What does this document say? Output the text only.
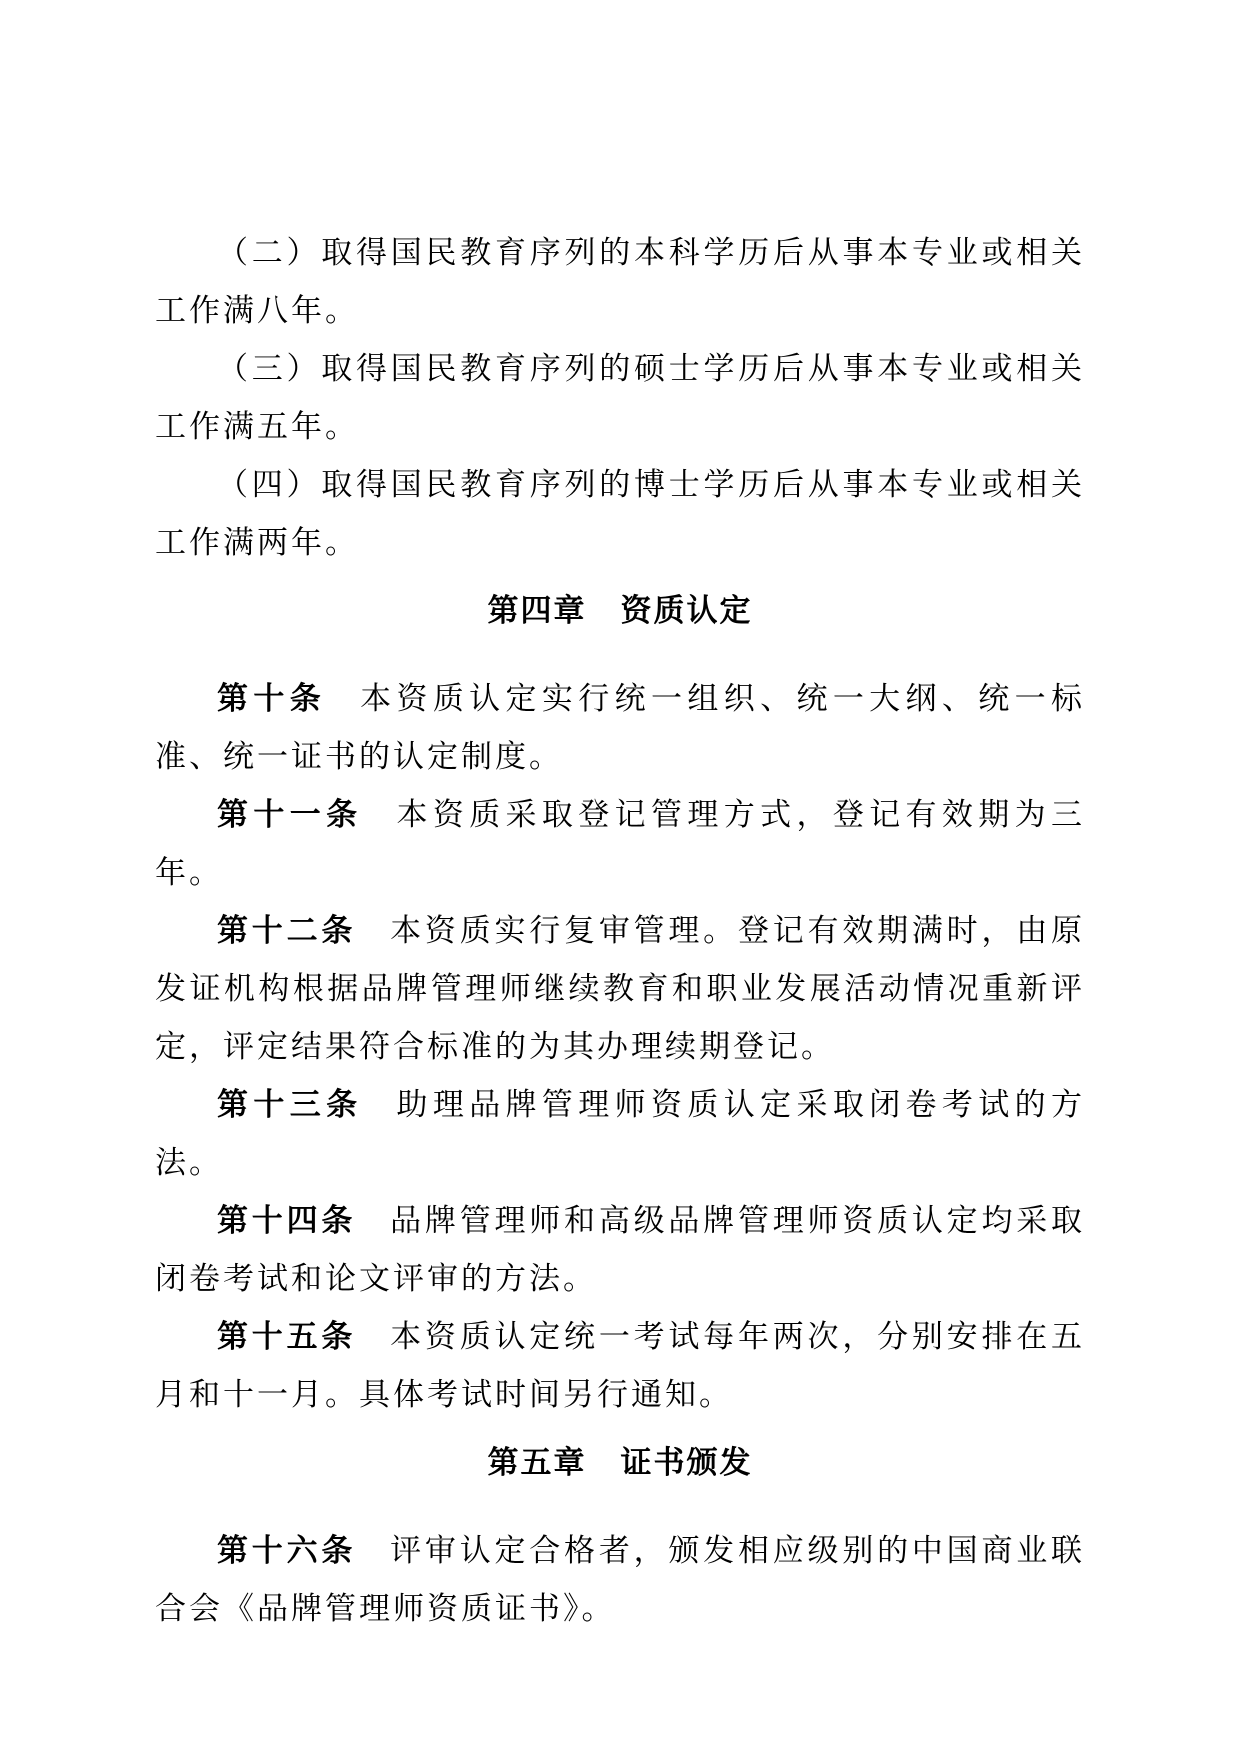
（二）取得国民教育序列的本科学历后从事本专业或相关工作满八年。

（三）取得国民教育序列的硕士学历后从事本专业或相关工作满五年。

（四）取得国民教育序列的博士学历后从事本专业或相关工作满两年。

第四章 资质认定

第十条 本资质认定实行统一组织、统一大纲、统一标准、统一证书的认定制度。

第十一条 本资质采取登记管理方式，登记有效期为三年。

第十二条 本资质实行复审管理。登记有效期满时，由原发证机构根据品牌管理师继续教育和职业发展活动情况重新评定，评定结果符合标准的为其办理续期登记。

第十三条 助理品牌管理师资质认定采取闭卷考试的方法。

第十四条 品牌管理师和高级品牌管理师资质认定均采取闭卷考试和论文评审的方法。

第十五条 本资质认定统一考试每年两次，分别安排在五月和十一月。具体考试时间另行通知。

第五章 证书颁发

第十六条 评审认定合格者，颁发相应级别的中国商业联合会《品牌管理师资质证书》。
